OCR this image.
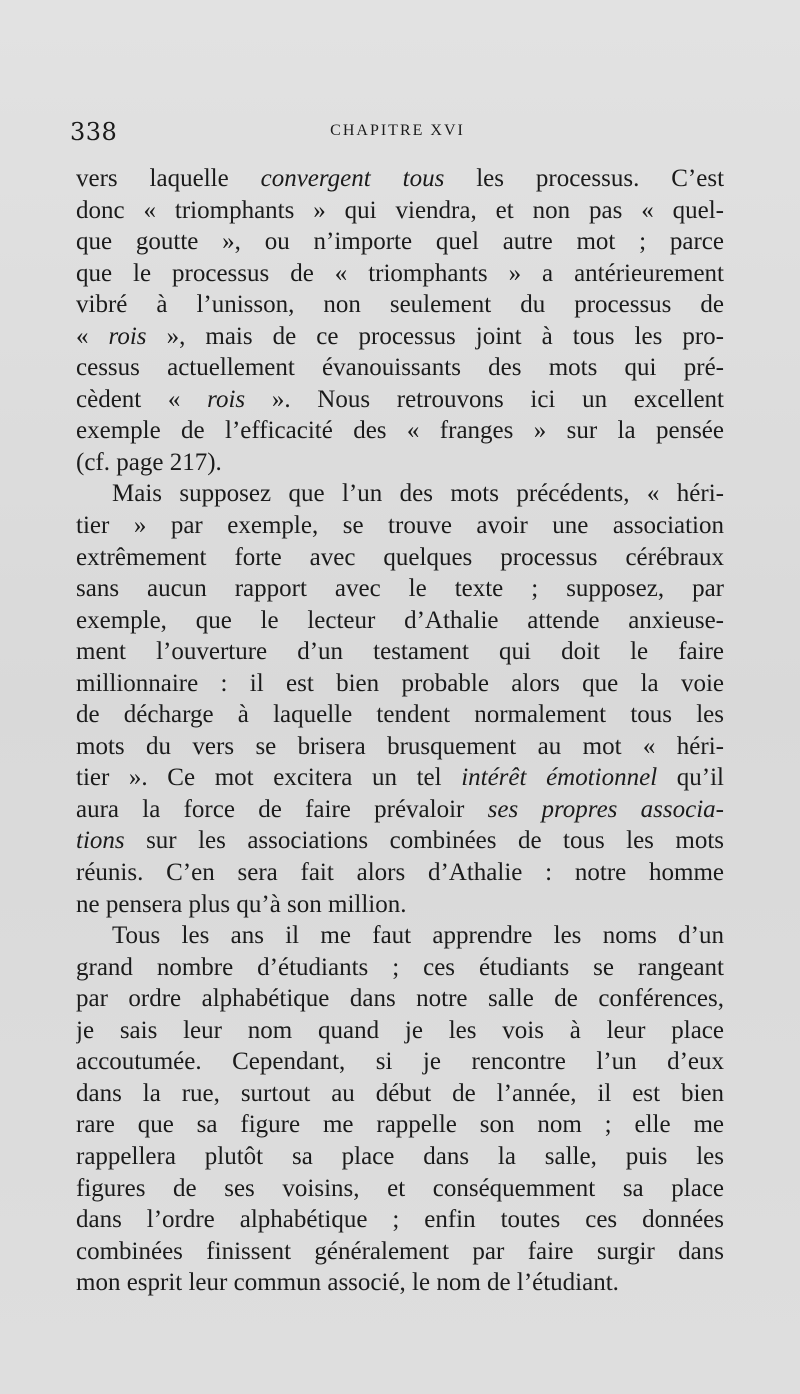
338	CHAPITRE XVI
vers laquelle convergent tous les processus. C’est
donc « triomphants » qui viendra, et non pas « quel-
que goutte », ou n’importe quel autre mot ; parce
que le processus de « triomphants » a antérieurement
vibré à l’unisson, non seulement du processus de
« rois », mais de ce processus joint à tous les pro-
cessus actuellement évanouissants des mots qui pré-
cèdent « rois ». Nous retrouvons ici un excellent
exemple de l’efficacité des « franges » sur la pensée
(cf. page 217).
Mais supposez que l’un des mots précédents, « héri-
tier » par exemple, se trouve avoir une association
extrêmement forte avec quelques processus cérébraux
sans aucun rapport avec le texte ; supposez, par
exemple, que le lecteur d’Athalie attende anxieuse-
ment l’ouverture d’un testament qui doit le faire
millionnaire : il est bien probable alors que la voie
de décharge à laquelle tendent normalement tous les
mots du vers se brisera brusquement au mot « héri-
tier ». Ce mot excitera un tel intérêt émotionnel qu’il
aura la force de faire prévaloir ses propres associa-
tions sur les associations combinées de tous les mots
réunis. C’en sera fait alors d’Athalie : notre homme
ne pensera plus qu’à son million.
Tous les ans il me faut apprendre les noms d’un
grand nombre d’étudiants ; ces étudiants se rangeant
par ordre alphabétique dans notre salle de conférences,
je sais leur nom quand je les vois à leur place
accoutumée. Cependant, si je rencontre l’un d’eux
dans la rue, surtout au début de l’année, il est bien
rare que sa figure me rappelle son nom ; elle me
rappellera plutôt sa place dans la salle, puis les
figures de ses voisins, et conséquemment sa place
dans l’ordre alphabétique ; enfin toutes ces données
combinées finissent généralement par faire surgir dans
mon esprit leur commun associé, le nom de l’étudiant.
